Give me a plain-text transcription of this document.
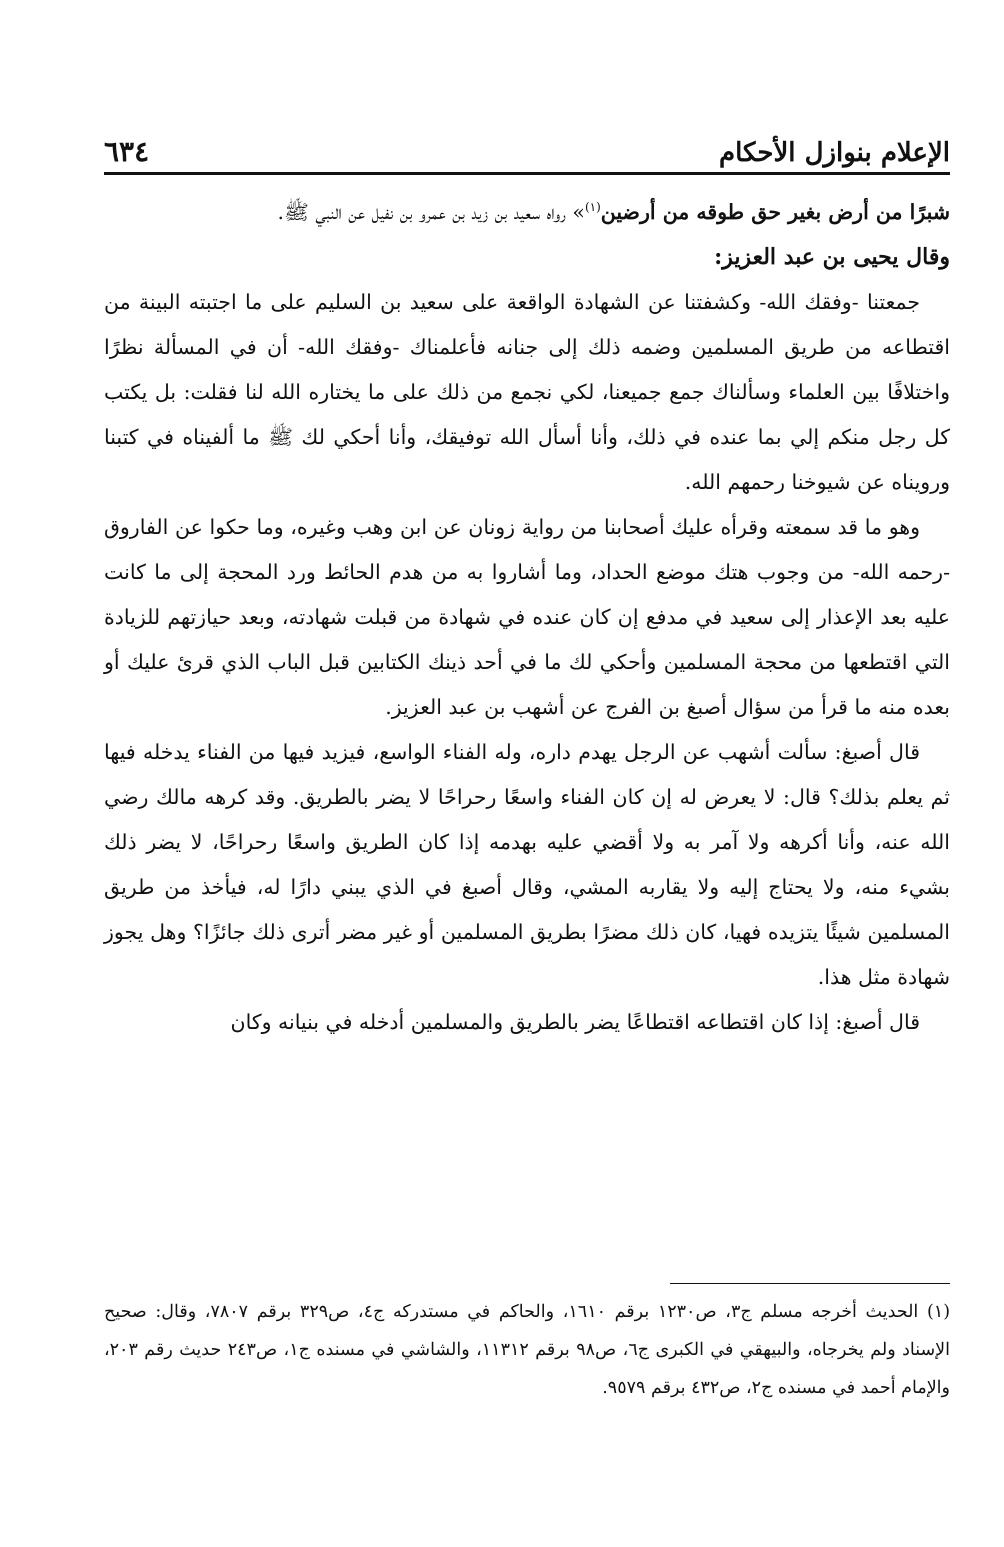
الإعلام بنوازل الأحكام
٦٣٤

شبرًا من أرض بغير حق طوقه من أرضين$^{(١)}$» رواه سعيد بن زيد بن عمرو بن نفيل عن النبي ﷺ.

وقال يحيى بن عبد العزيز:

جمعتنا -وفقك الله- وكشفتنا عن الشهادة الواقعة على سعيد بن السليم على ما اجتبته البينة من اقتطاعه من طريق المسلمين وضمه ذلك إلى جنانه فأعلمناك -وفقك الله- أن في المسألة نظرًا واختلافًا بين العلماء وسألناك جمع جميعنا، لكي نجمع من ذلك على ما يختاره الله لنا فقلت: بل يكتب كل رجل منكم إلي بما عنده في ذلك، وأنا أسأل الله توفيقك، وأنا أحكي لك ﷺ ما ألفيناه في كتبنا ورويناه عن شيوخنا رحمهم الله.

وهو ما قد سمعته وقرأه عليك أصحابنا من رواية زونان عن ابن وهب وغيره، وما حكوا عن الفاروق -رحمه الله- من وجوب هتك موضع الحداد، وما أشاروا به من هدم الحائط ورد المحجة إلى ما كانت عليه بعد الإعذار إلى سعيد في مدفع إن كان عنده في شهادة من قبلت شهادته، وبعد حيازتهم للزيادة التي اقتطعها من محجة المسلمين وأحكي لك ما في أحد ذينك الكتابين قبل الباب الذي قرئ عليك أو بعده منه ما قرأ من سؤال أصبغ بن الفرج عن أشهب بن عبد العزيز.

قال أصبغ: سألت أشهب عن الرجل يهدم داره، وله الفناء الواسع، فيزيد فيها من الفناء يدخله فيها ثم يعلم بذلك؟ قال: لا يعرض له إن كان الفناء واسعًا رحراحًا لا يضر بالطريق. وقد كرهه مالك رضي الله عنه، وأنا أكرهه ولا آمر به ولا أقضي عليه بهدمه إذا كان الطريق واسعًا رحراحًا، لا يضر ذلك بشيء منه، ولا يحتاج إليه ولا يقاربه المشي، وقال أصبغ في الذي يبني دارًا له، فيأخذ من طريق المسلمين شيئًا يتزيده فهيا، كان ذلك مضرًا بطريق المسلمين أو غير مضر أترى ذلك جائزًا؟ وهل يجوز شهادة مثل هذا.

قال أصبغ: إذا كان اقتطاعه اقتطاعًا يضر بالطريق والمسلمين أدخله في بنيانه وكان

(١) الحديث أخرجه مسلم ج٣، ص١٢٣٠ برقم ١٦١٠، والحاكم في مستدركه ج٤، ص٣٢٩ برقم ٧٨٠٧، وقال: صحيح الإسناد ولم يخرجاه، والبيهقي في الكبرى ج٦، ص٩٨ برقم ١١٣١٢، والشاشي في مسنده ج١، ص٢٤٣ حديث رقم ٢٠٣، والإمام أحمد في مسنده ج٢، ص٤٣٢ برقم ٩٥٧٩.
